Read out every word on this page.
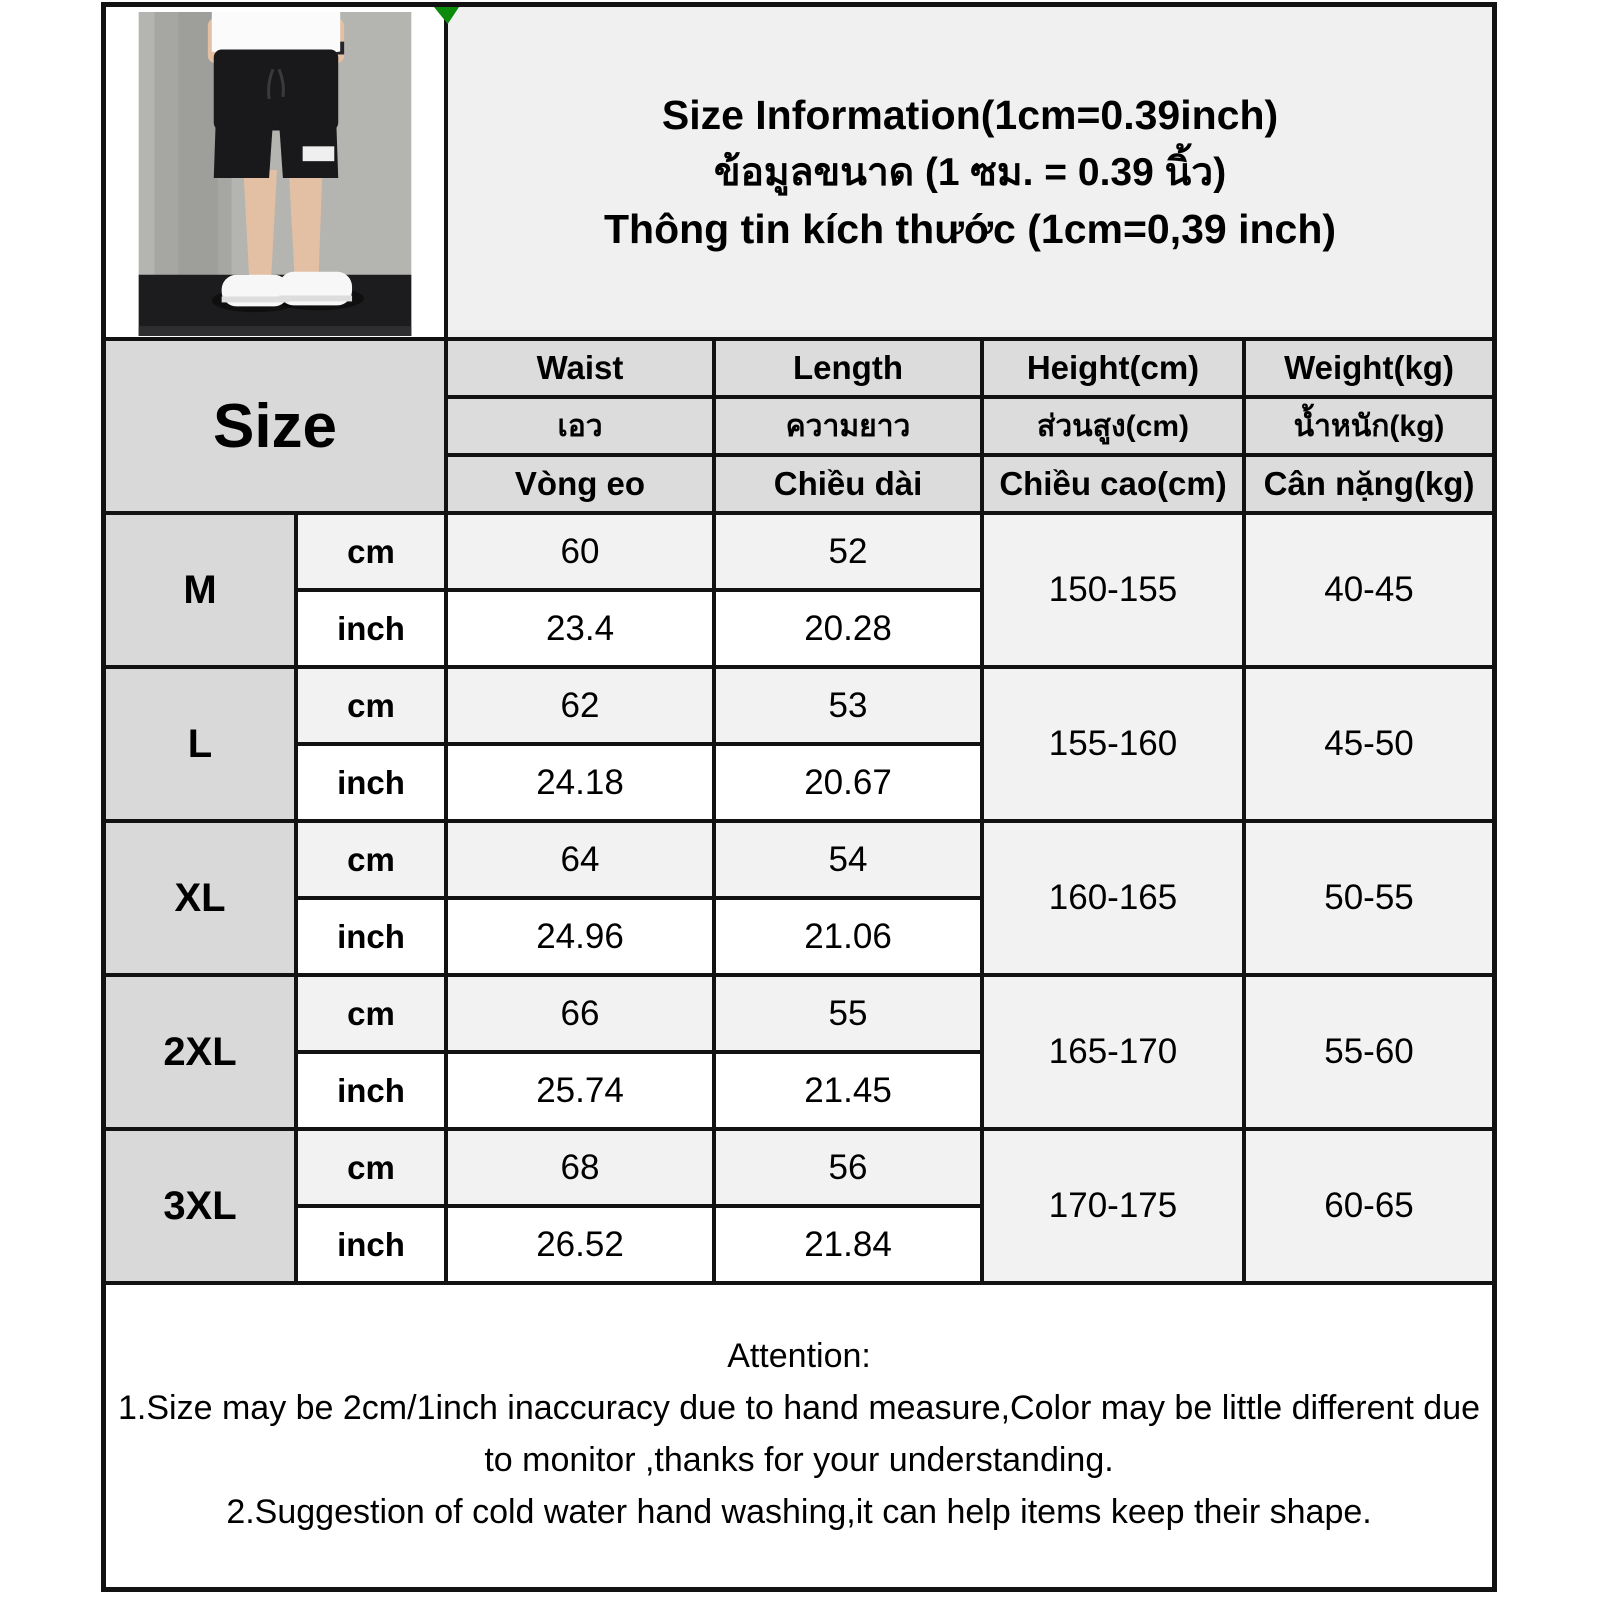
Size Information(1cm=0.39inch)
ข้อมูลขนาด (1 ซม. = 0.39 นิ้ว)
Thông tin kích thước (1cm=0,39 inch)			

Size		Waist	Length	Height(cm)	Weight(kg)
		เอว	ความยาว	ส่วนสูง(cm)	น้ำหนัก(kg)
		Vòng eo	Chiều dài	Chiều cao(cm)	Cân nặng(kg)
M	cm	60	52	150-155	40-45
	inch	23.4	20.28		
L	cm	62	53	155-160	45-50
	inch	24.18	20.67		
XL	cm	64	54	160-165	50-55
	inch	24.96	21.06		
2XL	cm	66	55	165-170	55-60
	inch	25.74	21.45		
3XL	cm	68	56	170-175	60-65
	inch	26.52	21.84		

Attention:
1.Size may be 2cm/1inch inaccuracy due to hand measure,Color may be little different due to monitor ,thanks for your understanding.
2.Suggestion of cold water hand washing,it can help items keep their shape.					
